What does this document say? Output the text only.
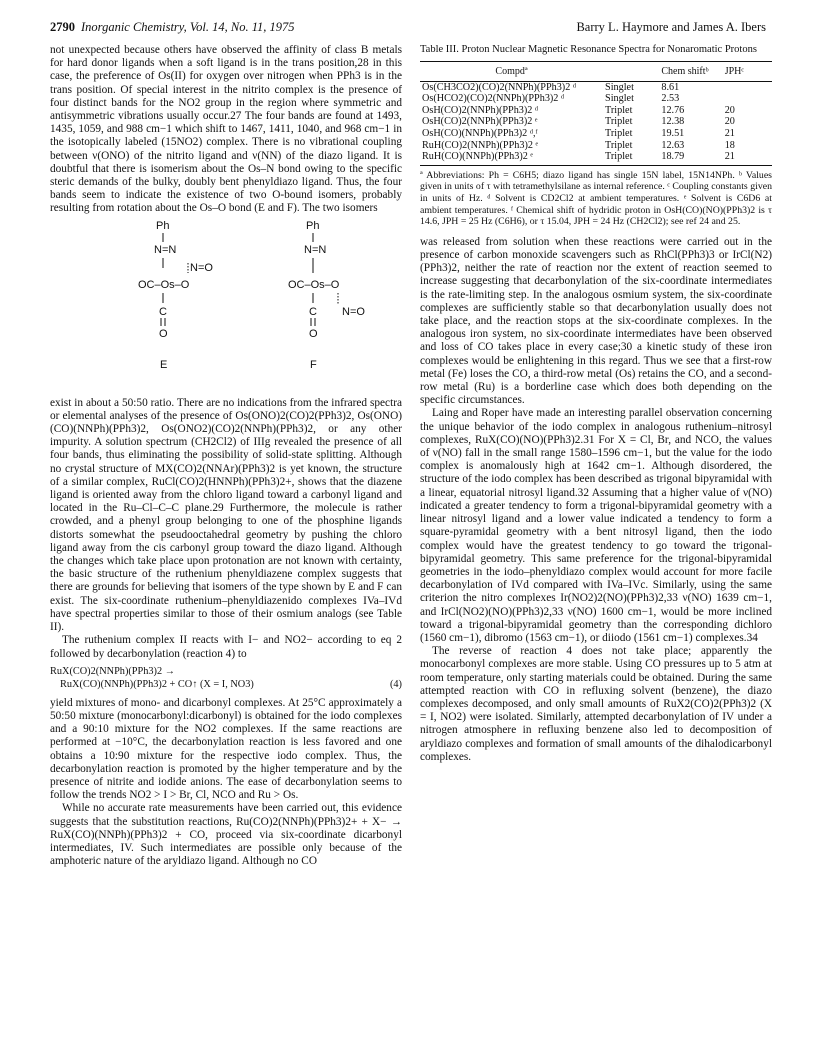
2790 Inorganic Chemistry, Vol. 14, No. 11, 1975	Barry L. Haymore and James A. Ibers

not unexpected because others have observed the affinity of class B metals for hard donor ligands when a soft ligand is in the trans position,28 in this case, the preference of Os(II) for oxygen over nitrogen when PPh3 is in the trans position. Of special interest in the nitrito complex is the presence of four distinct bands for the NO2 group in the region where symmetric and antisymmetric vibrations usually occur.27 The four bands are found at 1493, 1435, 1059, and 988 cm−1 which shift to 1467, 1411, 1040, and 968 cm−1 in the isotopically labeled (15NO2) complex. There is no vibrational coupling between ν(ONO) of the nitrito ligand and ν(NN) of the diazo ligand. It is doubtful that there is isomerism about the Os–N bond owing to the specific steric demands of the bulky, doubly bent phenyldiazo ligand. Thus, the four bands seem to indicate the existence of two O-bound isomers, probably resulting from rotation about the Os–O bond (E and F). The two isomers

Ph
N=N
N=O
OC–Os–O
C
O
E
Ph
N=N
OC–Os–O
N=O
C
O
F

exist in about a 50:50 ratio. There are no indications from the infrared spectra or elemental analyses of the presence of Os(ONO)2(CO)2(PPh3)2, Os(ONO)(CO)(NNPh)(PPh3)2, Os(ONO2)(CO)2(NNPh)(PPh3)2, or any other impurity. A solution spectrum (CH2Cl2) of IIIg revealed the presence of all four bands, thus eliminating the possibility of solid-state splitting. Although no crystal structure of MX(CO)2(NNAr)(PPh3)2 is yet known, the structure of a similar complex, RuCl(CO)2(HNNPh)(PPh3)2+, shows that the diazene ligand is oriented away from the chloro ligand toward a carbonyl ligand and located in the Ru–Cl–C–C plane.29 Furthermore, the molecule is rather crowded, and a phenyl group belonging to one of the phosphine ligands distorts somewhat the pseudooctahedral geometry by pushing the chloro ligand away from the cis carbonyl group toward the diazo ligand. Although the changes which take place upon protonation are not known with certainty, the basic structure of the ruthenium phenyldiazene complex suggests that there are grounds for believing that isomers of the type shown by E and F can exist. The six-coordinate ruthenium–phenyldiazenido complexes IVa–IVd have spectral properties similar to those of their osmium analogs (see Table II).

The ruthenium complex II reacts with I− and NO2− according to eq 2 followed by decarbonylation (reaction 4) to

RuX(CO)2(NNPh)(PPh3)2 →
RuX(CO)(NNPh)(PPh3)2 + CO↑ (X = I, NO3)	(4)

yield mixtures of mono- and dicarbonyl complexes. At 25°C approximately a 50:50 mixture (monocarbonyl:dicarbonyl) is obtained for the iodo complexes and a 90:10 mixture for the NO2 complexes. If the same reactions are performed at −10°C, the decarbonylation reaction is less favored and one obtains a 10:90 mixture for the respective iodo complex. Thus, the decarbonylation reaction is promoted by the higher temperature and by the presence of nitrite and iodide anions. The ease of decarbonylation seems to follow the trends NO2 > I > Br, Cl, NCO and Ru > Os.

While no accurate rate measurements have been carried out, this evidence suggests that the substitution reactions, Ru(CO)2(NNPh)(PPh3)2+ + X− → RuX(CO)(NNPh)(PPh3)2 + CO, proceed via six-coordinate dicarbonyl intermediates, IV. Such intermediates are possible only because of the amphoteric nature of the aryldiazo ligand. Although no CO

Table III. Proton Nuclear Magnetic Resonance Spectra for Nonaromatic Protons
Compdª		Chem shiftᵇ	JPHᶜ
Os(CH3CO2)(CO)2(NNPh)(PPh3)2 ᵈ	Singlet	8.61	
Os(HCO2)(CO)2(NNPh)(PPh3)2 ᵈ	Singlet	2.53	
OsH(CO)2(NNPh)(PPh3)2 ᵈ	Triplet	12.76	20
OsH(CO)2(NNPh)(PPh3)2 ᵉ	Triplet	12.38	20
OsH(CO)(NNPh)(PPh3)2 ᵈ,ᶠ	Triplet	19.51	21
RuH(CO)2(NNPh)(PPh3)2 ᵉ	Triplet	12.63	18
RuH(CO)(NNPh)(PPh3)2 ᵉ	Triplet	18.79	21
ª Abbreviations: Ph = C6H5; diazo ligand has single 15N label, 15N14NPh. ᵇ Values given in units of τ with tetramethylsilane as internal reference. ᶜ Coupling constants given in units of Hz. ᵈ Solvent is CD2Cl2 at ambient temperatures. ᵉ Solvent is C6D6 at ambient temperatures. ᶠ Chemical shift of hydridic proton in OsH(CO)(NO)(PPh3)2 is τ 14.6, JPH = 25 Hz (C6H6), or τ 15.04, JPH = 24 Hz (CH2Cl2); see ref 24 and 25.

was released from solution when these reactions were carried out in the presence of carbon monoxide scavengers such as RhCl(PPh3)3 or IrCl(N2)(PPh3)2, neither the rate of reaction nor the extent of reaction seemed to increase suggesting that decarbonylation of the six-coordinate intermediates is the rate-limiting step. In the analogous osmium system, the six-coordinate complexes are sufficiently stable so that decarbonylation usually does not take place, and the reaction stops at the six-coordinate complexes. In the analogous iron system, no six-coordinate intermediates have been observed and loss of CO takes place in every case;30 a kinetic study of these iron complexes would be enlightening in this regard. Thus we see that a first-row metal (Fe) loses the CO, a third-row metal (Os) retains the CO, and a second-row metal (Ru) is a borderline case which does both depending on the specific circumstances.

Laing and Roper have made an interesting parallel observation concerning the unique behavior of the iodo complex in analogous ruthenium–nitrosyl complexes, RuX(CO)(NO)(PPh3)2.31 For X = Cl, Br, and NCO, the values of ν(NO) fall in the small range 1580–1596 cm−1, but the value for the iodo complex is anomalously high at 1642 cm−1. Although disordered, the structure of the iodo complex has been described as trigonal bipyramidal with a linear, equatorial nitrosyl ligand.32 Assuming that a higher value of ν(NO) indicated a greater tendency to form a trigonal-bipyramidal geometry with a linear nitrosyl ligand and a lower value indicated a tendency to form a square-pyramidal geometry with a bent nitrosyl ligand, then the iodo complex would have the greatest tendency to go toward the trigonal-bipyramidal geometry. This same preference for the trigonal-bipyramidal geometries in the iodo–phenyldiazo complex would account for more facile decarbonylation of IVd compared with IVa–IVc. Similarly, using the same criterion the nitro complexes Ir(NO2)2(NO)(PPh3)2,33 ν(NO) 1639 cm−1, and IrCl(NO2)(NO)(PPh3)2,33 ν(NO) 1600 cm−1, would be more inclined toward a trigonal-bipyramidal geometry than the corresponding dichloro (1560 cm−1), dibromo (1563 cm−1), or diiodo (1561 cm−1) complexes.34

The reverse of reaction 4 does not take place; apparently the monocarbonyl complexes are more stable. Using CO pressures up to 5 atm at room temperature, only starting materials could be obtained. During the same attempted reaction with CO in refluxing solvent (benzene), the diazo complexes decomposed, and only small amounts of RuX2(CO)2(PPh3)2 (X = I, NO2) were isolated. Similarly, attempted decarbonylation of IV under a nitrogen atmosphere in refluxing benzene also led to decomposition of aryldiazo complexes and formation of small amounts of the dihalodicarbonyl complexes.
